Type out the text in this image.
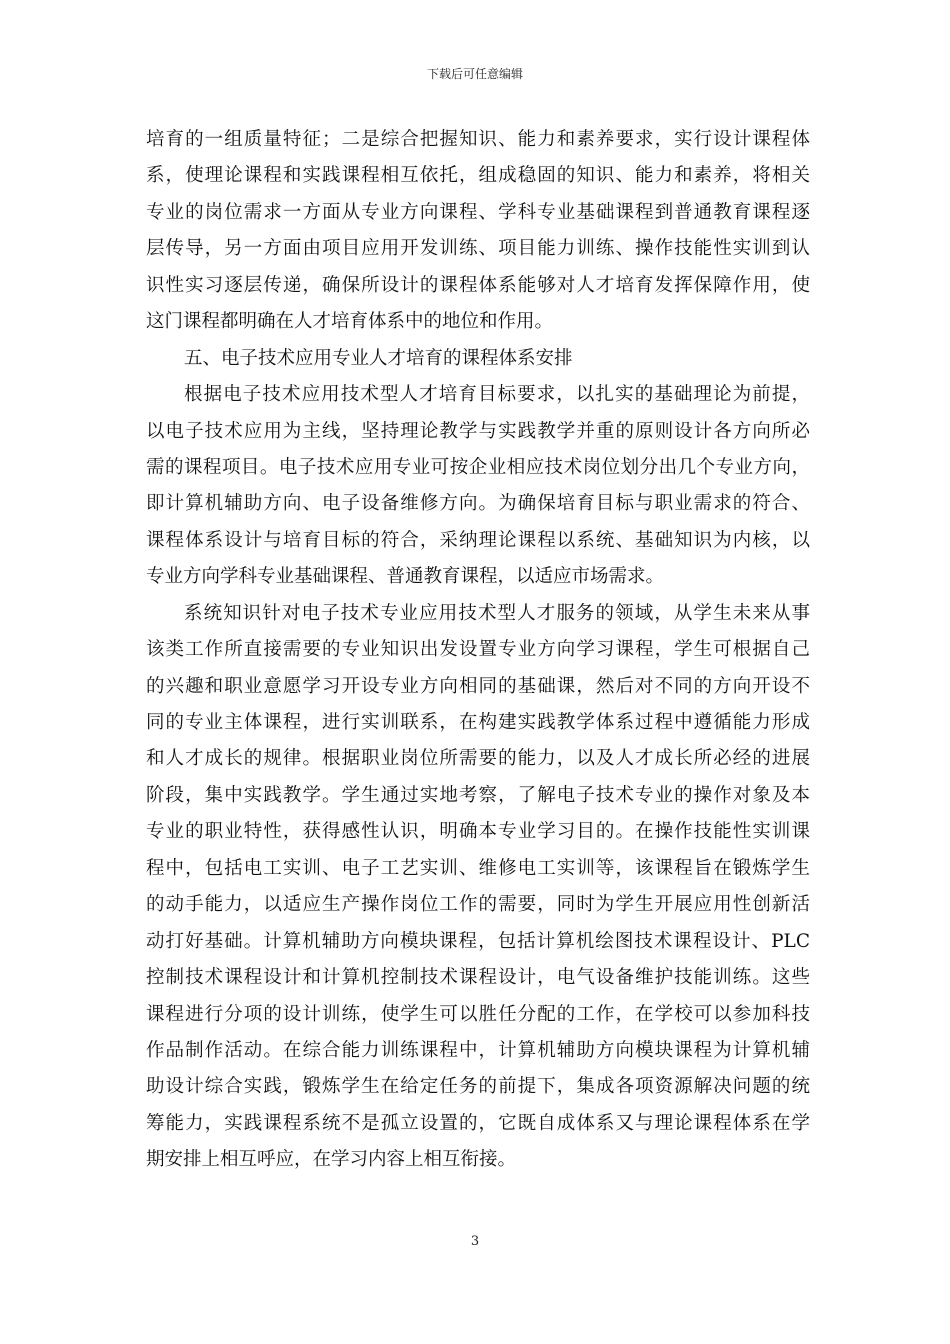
下载后可任意编辑
培育的一组质量特征；二是综合把握知识、能力和素养要求，实行设计课程体
系，使理论课程和实践课程相互依托，组成稳固的知识、能力和素养，将相关
专业的岗位需求一方面从专业方向课程、学科专业基础课程到普通教育课程逐
层传导，另一方面由项目应用开发训练、项目能力训练、操作技能性实训到认
识性实习逐层传递，确保所设计的课程体系能够对人才培育发挥保障作用，使
这门课程都明确在人才培育体系中的地位和作用。
五、电子技术应用专业人才培育的课程体系安排
根据电子技术应用技术型人才培育目标要求，以扎实的基础理论为前提，
以电子技术应用为主线，坚持理论教学与实践教学并重的原则设计各方向所必
需的课程项目。电子技术应用专业可按企业相应技术岗位划分出几个专业方向，
即计算机辅助方向、电子设备维修方向。为确保培育目标与职业需求的符合、
课程体系设计与培育目标的符合，采纳理论课程以系统、基础知识为内核，以
专业方向学科专业基础课程、普通教育课程，以适应市场需求。
系统知识针对电子技术专业应用技术型人才服务的领域，从学生未来从事
该类工作所直接需要的专业知识出发设置专业方向学习课程，学生可根据自己
的兴趣和职业意愿学习开设专业方向相同的基础课，然后对不同的方向开设不
同的专业主体课程，进行实训联系，在构建实践教学体系过程中遵循能力形成
和人才成长的规律。根据职业岗位所需要的能力，以及人才成长所必经的进展
阶段，集中实践教学。学生通过实地考察，了解电子技术专业的操作对象及本
专业的职业特性，获得感性认识，明确本专业学习目的。在操作技能性实训课
程中，包括电工实训、电子工艺实训、维修电工实训等，该课程旨在锻炼学生
的动手能力，以适应生产操作岗位工作的需要，同时为学生开展应用性创新活
动打好基础。计算机辅助方向模块课程，包括计算机绘图技术课程设计、PLC
控制技术课程设计和计算机控制技术课程设计，电气设备维护技能训练。这些
课程进行分项的设计训练，使学生可以胜任分配的工作，在学校可以参加科技
作品制作活动。在综合能力训练课程中，计算机辅助方向模块课程为计算机辅
助设计综合实践，锻炼学生在给定任务的前提下，集成各项资源解决问题的统
筹能力，实践课程系统不是孤立设置的，它既自成体系又与理论课程体系在学
期安排上相互呼应，在学习内容上相互衔接。
3
